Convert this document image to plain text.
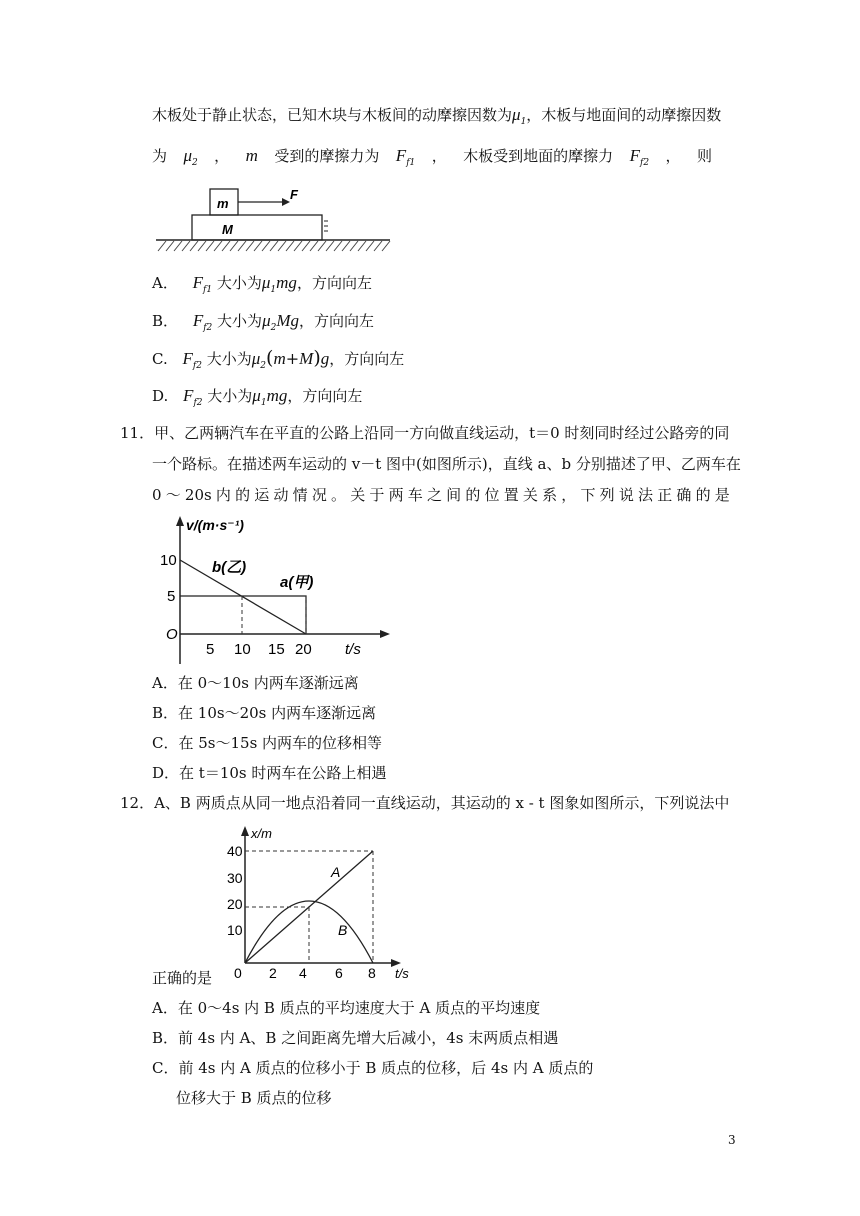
木板处于静止状态，已知木块与木板间的动摩擦因数为$\mu_1$，木板与地面间的动摩擦因数
为 $\mu_2$ ， m 受到的摩擦力为 $F_{f1}$ ， 木板受到地面的摩擦力 $F_{f2}$ ， 则
m
F
M
A． $F_{f1}$ 大小为$\mu_1mg$，方向向左
B． $F_{f2}$ 大小为$\mu_2Mg$，方向向左
C. $F_{f2}$ 大小为$\mu_2(m+M)g$，方向向左
D. $F_{f2}$ 大小为$\mu_1mg$，方向向左
11．甲、乙两辆汽车在平直的公路上沿同一方向做直线运动，t＝0 时刻同时经过公路旁的同
一个路标。在描述两车运动的 v－t 图中(如图所示)，直线 a、b 分别描述了甲、乙两车在
0 ～ 20s 内 的 运 动 情 况 。 关 于 两 车 之 间 的 位 置 关 系 ， 下 列 说 法 正 确 的 是
v/(m·s⁻¹)
t/s
O
10
5
5 10 15 20
b(乙)
a(甲)
A．在 0～10s 内两车逐渐远离
B．在 10s～20s 内两车逐渐远离
C．在 5s～15s 内两车的位移相等
D．在 t＝10s 时两车在公路上相遇
12．A、B 两质点从同一地点沿着同一直线运动，其运动的 x - t 图象如图所示，下列说法中
x/m
t/s
40
30
20
10
0 2 4 6 8
A
B
正确的是
A．在 0～4s 内 B 质点的平均速度大于 A 质点的平均速度
B．前 4s 内 A、B 之间距离先增大后减小，4s 末两质点相遇
C．前 4s 内 A 质点的位移小于 B 质点的位移，后 4s 内 A 质点的
位移大于 B 质点的位移
3
